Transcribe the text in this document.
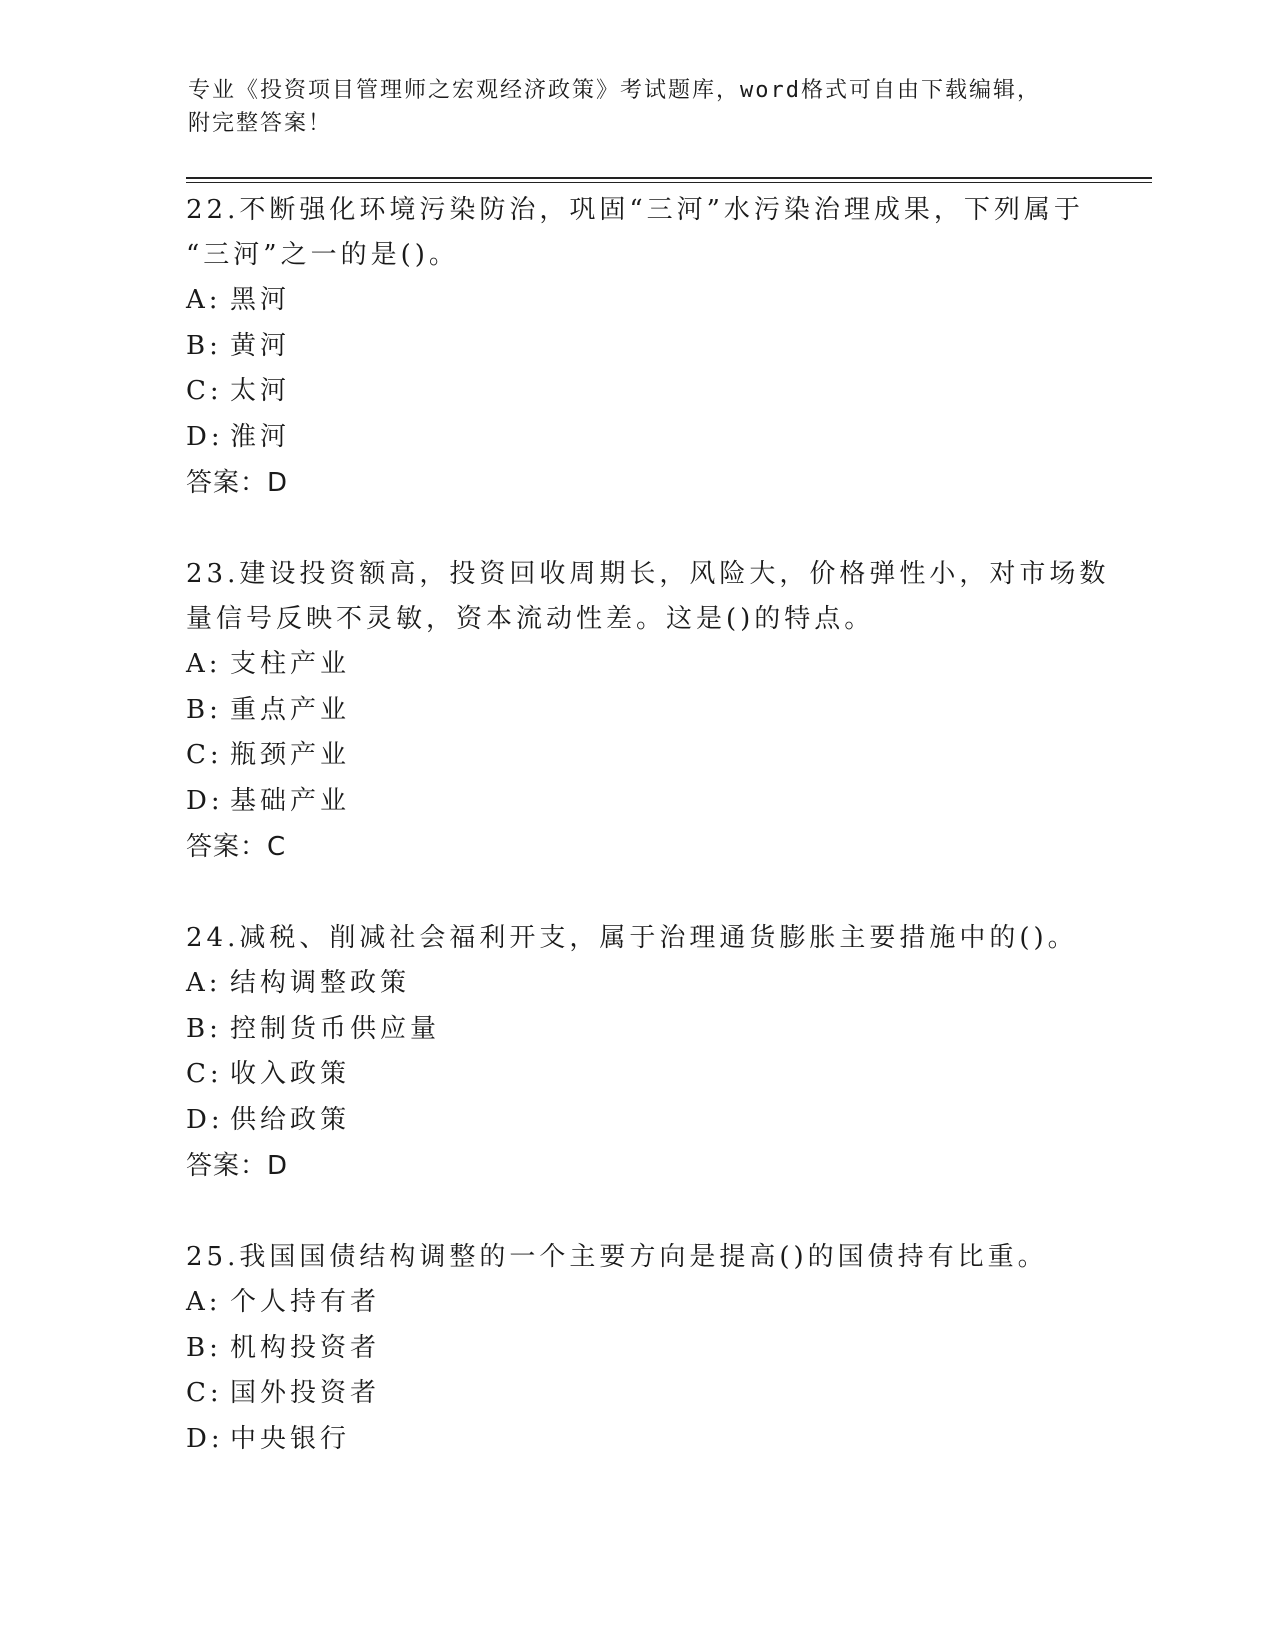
专业《投资项目管理师之宏观经济政策》考试题库，word格式可自由下载编辑，
附完整答案！
22.不断强化环境污染防治，巩固“三河”水污染治理成果，下列属于
“三河”之一的是()。
A: 黑河
B: 黄河
C: 太河
D: 淮河
答案：D
23.建设投资额高，投资回收周期长，风险大，价格弹性小，对市场数
量信号反映不灵敏，资本流动性差。这是()的特点。
A: 支柱产业
B: 重点产业
C: 瓶颈产业
D: 基础产业
答案：C
24.减税、削减社会福利开支，属于治理通货膨胀主要措施中的()。
A: 结构调整政策
B: 控制货币供应量
C: 收入政策
D: 供给政策
答案：D
25.我国国债结构调整的一个主要方向是提高()的国债持有比重。
A: 个人持有者
B: 机构投资者
C: 国外投资者
D: 中央银行
